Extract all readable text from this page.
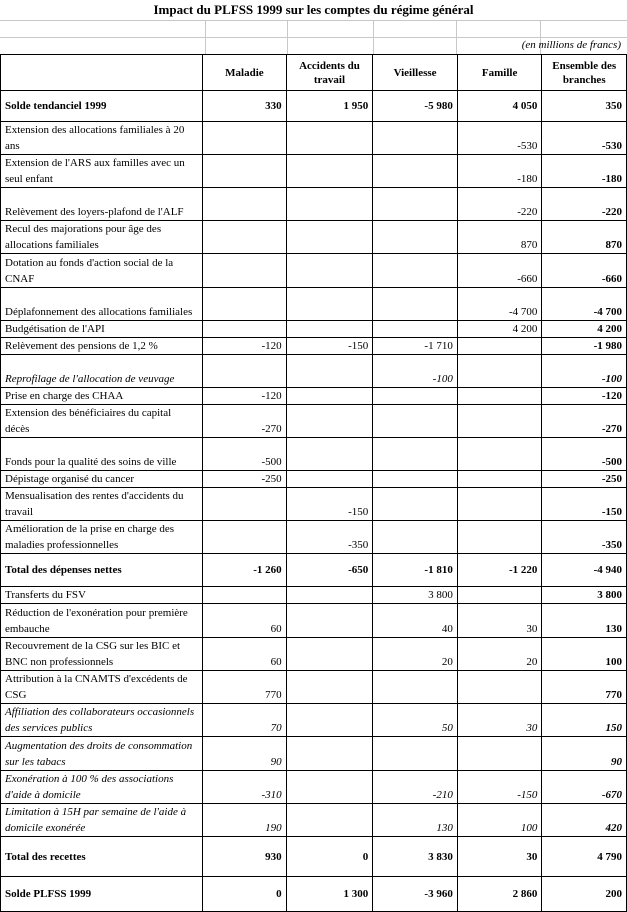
Impact du PLFSS 1999 sur les comptes du régime général
(en millions de francs)
	Maladie	Accidents du travail	Vieillesse	Famille	Ensemble des branches
Solde tendanciel 1999	330	1 950	-5 980	4 050	350
Extension des allocations familiales à 20 ans				-530	-530
Extension de l'ARS aux familles avec un seul enfant				-180	-180
Relèvement des loyers-plafond de l'ALF				-220	-220
Recul des majorations pour âge des allocations familiales				870	870
Dotation au fonds d'action social de la CNAF				-660	-660
Déplafonnement des allocations familiales				-4 700	-4 700
Budgétisation de l'API				4 200	4 200
Relèvement des pensions de 1,2 %	-120	-150	-1 710		-1 980
Reprofilage de l'allocation de veuvage			-100		-100
Prise en charge des CHAA	-120				-120
Extension des bénéficiaires du capital décès	-270				-270
Fonds pour la qualité des soins de ville	-500				-500
Dépistage organisé du cancer	-250				-250
Mensualisation des rentes d'accidents du travail		-150			-150
Amélioration de la prise en charge des maladies professionnelles		-350			-350
Total des dépenses nettes	-1 260	-650	-1 810	-1 220	-4 940
Transferts du FSV			3 800		3 800
Réduction de l'exonération pour première embauche	60		40	30	130
Recouvrement de la CSG sur les BIC et BNC non professionnels	60		20	20	100
Attribution à la CNAMTS d'excédents de CSG	770				770
Affiliation des collaborateurs occasionnels des services publics	70		50	30	150
Augmentation des droits de consommation sur les tabacs	90				90
Exonération à 100 % des associations d'aide à domicile	-310		-210	-150	-670
Limitation à 15H par semaine de l'aide à domicile exonérée	190		130	100	420
Total des recettes	930	0	3 830	30	4 790
Solde PLFSS 1999	0	1 300	-3 960	2 860	200
